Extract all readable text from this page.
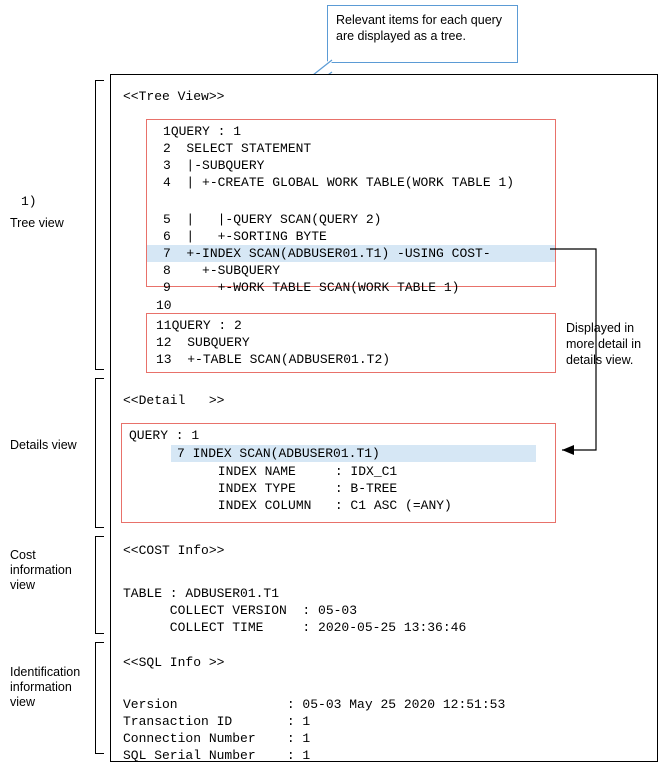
Relevant items for each query are displayed as a tree.
Tree view
Details view
Cost information view
Identification information view
<<Tree View>>
1QUERY : 1
2  SELECT STATEMENT
3  |-SUBQUERY
4  | +-CREATE GLOBAL WORK TABLE(WORK TABLE 1)
1)
5  |   |-QUERY SCAN(QUERY 2)
6  |   +-SORTING BYTE
7  +-INDEX SCAN(ADBUSER01.T1) -USING COST-
8    +-SUBQUERY
9      +-WORK TABLE SCAN(WORK TABLE 1)
10
11QUERY : 2
12  SUBQUERY
13  +-TABLE SCAN(ADBUSER01.T2)
<<Detail   >>
QUERY : 1
7 INDEX SCAN(ADBUSER01.T1)
INDEX NAME     : IDX_C1
INDEX TYPE     : B-TREE
INDEX COLUMN   : C1 ASC (=ANY)
<<COST Info>>
TABLE : ADBUSER01.T1
COLLECT VERSION  : 05-03
COLLECT TIME     : 2020-05-25 13:36:46
<<SQL Info >>
Version              : 05-03 May 25 2020 12:51:53
Transaction ID       : 1
Connection Number    : 1
SQL Serial Number    : 1
Displayed in more detail in details view.
